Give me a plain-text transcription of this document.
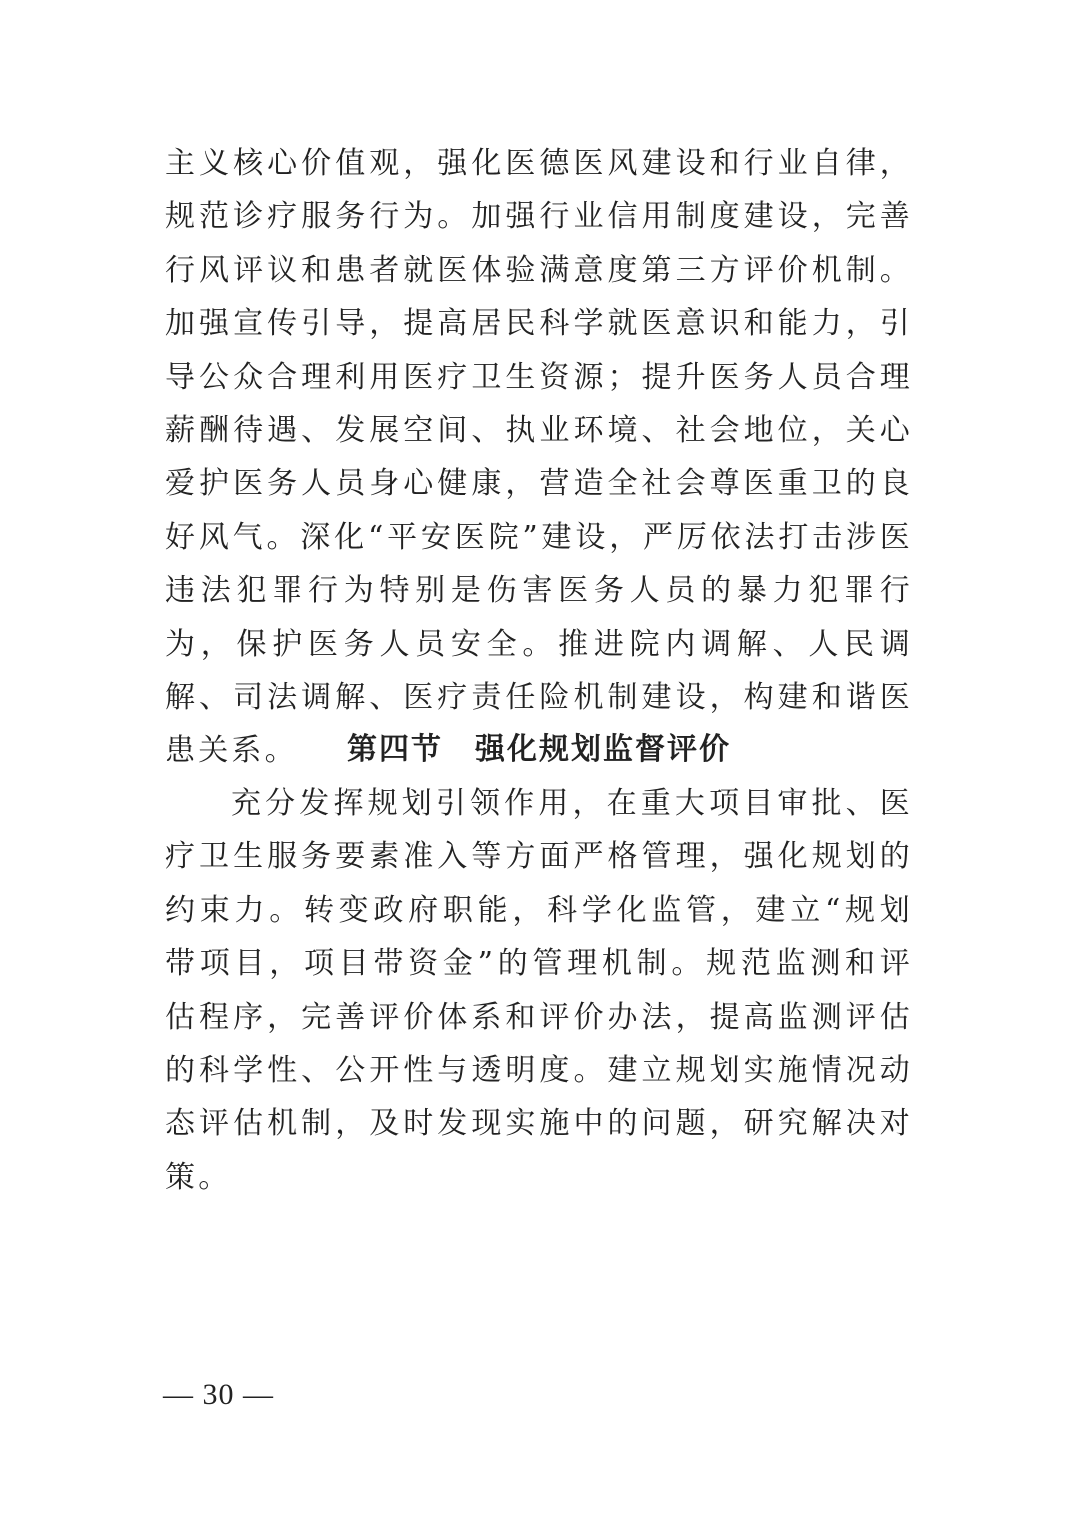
主义核心价值观，强化医德医风建设和行业自律，规范诊疗服务行为。加强行业信用制度建设，完善行风评议和患者就医体验满意度第三方评价机制。加强宣传引导，提高居民科学就医意识和能力，引导公众合理利用医疗卫生资源；提升医务人员合理薪酬待遇、发展空间、执业环境、社会地位，关心爱护医务人员身心健康，营造全社会尊医重卫的良好风气。深化“平安医院”建设，严厉依法打击涉医违法犯罪行为特别是伤害医务人员的暴力犯罪行为，保护医务人员安全。推进院内调解、人民调解、司法调解、医疗责任险机制建设，构建和谐医患关系。	第四节　强化规划监督评价

充分发挥规划引领作用，在重大项目审批、医疗卫生服务要素准入等方面严格管理，强化规划的约束力。转变政府职能，科学化监管，建立“规划带项目，项目带资金”的管理机制。规范监测和评估程序，完善评价体系和评价办法，提高监测评估的科学性、公开性与透明度。建立规划实施情况动态评估机制，及时发现实施中的问题，研究解决对策。

— 30 —
